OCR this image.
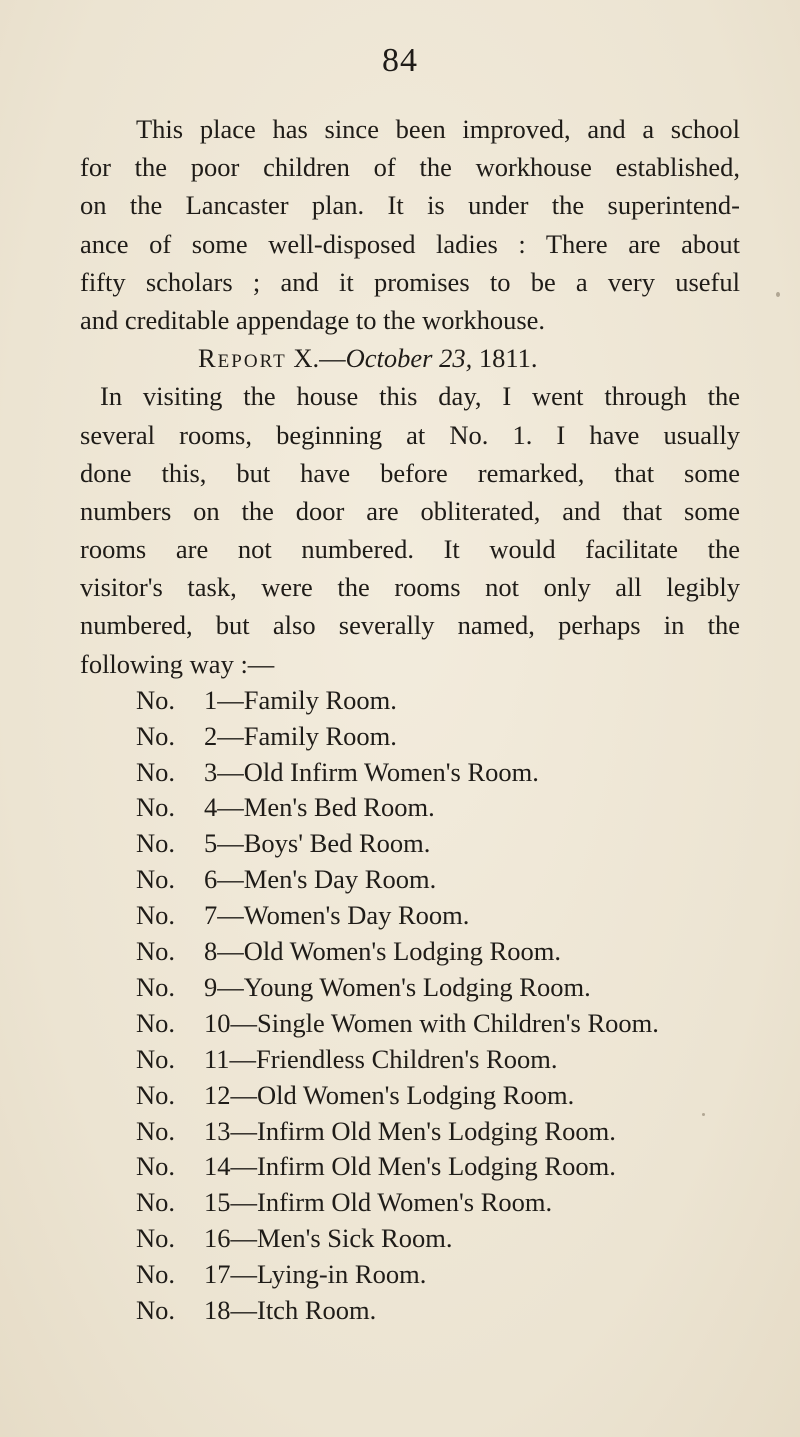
84
This place has since been improved, and a school
for the poor children of the workhouse established,
on the Lancaster plan. It is under the superintend-
ance of some well-disposed ladies : There are about
fifty scholars ; and it promises to be a very useful
and creditable appendage to the workhouse.
Report X.—October 23, 1811.
In visiting the house this day, I went through the
several rooms, beginning at No. 1. I have usually
done this, but have before remarked, that some
numbers on the door are obliterated, and that some
rooms are not numbered. It would facilitate the
visitor's task, were the rooms not only all legibly
numbered, but also severally named, perhaps in the
following way :—
No. 1—Family Room.
No. 2—Family Room.
No. 3—Old Infirm Women's Room.
No. 4—Men's Bed Room.
No. 5—Boys' Bed Room.
No. 6—Men's Day Room.
No. 7—Women's Day Room.
No. 8—Old Women's Lodging Room.
No. 9—Young Women's Lodging Room.
No. 10—Single Women with Children's Room.
No. 11—Friendless Children's Room.
No. 12—Old Women's Lodging Room.
No. 13—Infirm Old Men's Lodging Room.
No. 14—Infirm Old Men's Lodging Room.
No. 15—Infirm Old Women's Room.
No. 16—Men's Sick Room.
No. 17—Lying-in Room.
No. 18—Itch Room.
